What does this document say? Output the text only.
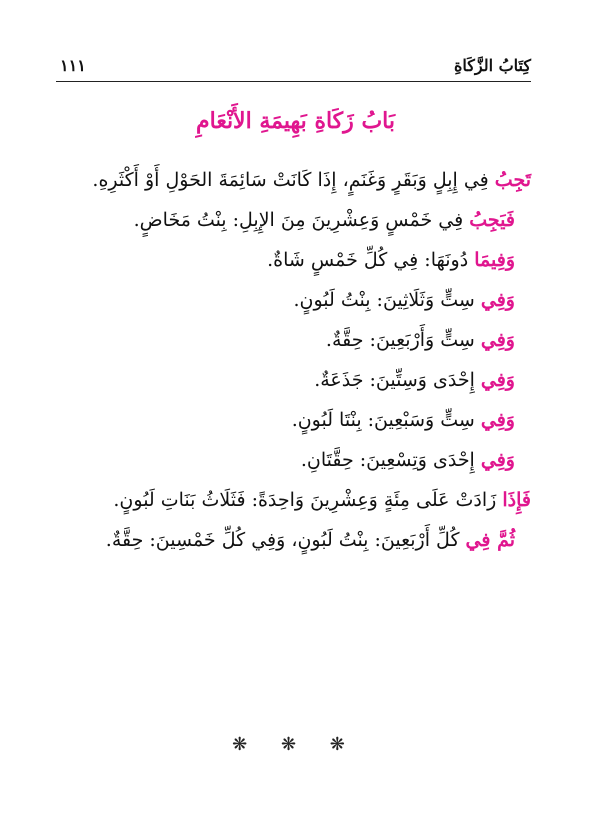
كِتَابُ الزَّكَاةِ
١١١
بَابُ زَكَاةِ بَهِيمَةِ الأَنْعَامِ

تَجِبُ فِي إِبِلٍ وَبَقَرٍ وَغَنَمٍ، إِذَا كَانَتْ سَائِمَةَ الحَوْلِ أَوْ أَكْثَرِهِ.

فَيَجِبُ فِي خَمْسٍ وَعِشْرِينَ مِنَ الإِبِلِ: بِنْتُ مَخَاضٍ.

وَفِيمَا دُونَهَا: فِي كُلِّ خَمْسٍ شَاةٌ.

وَفِي سِتٍّ وَثَلَاثِينَ: بِنْتُ لَبُونٍ.

وَفِي سِتٍّ وَأَرْبَعِينَ: حِقَّةٌ.

وَفِي إِحْدَى وَسِتِّينَ: جَذَعَةٌ.

وَفِي سِتٍّ وَسَبْعِينَ: بِنْتَا لَبُونٍ.

وَفِي إِحْدَى وَتِسْعِينَ: حِقَّتَانِ.

فَإِذَا زَادَتْ عَلَى مِئَةٍ وَعِشْرِينَ وَاحِدَةً: فَثَلَاثُ بَنَاتِ لَبُونٍ.

ثُمَّ فِي كُلِّ أَرْبَعِينَ: بِنْتُ لَبُونٍ، وَفِي كُلِّ خَمْسِينَ: حِقَّةٌ.

❋ ❋ ❋
